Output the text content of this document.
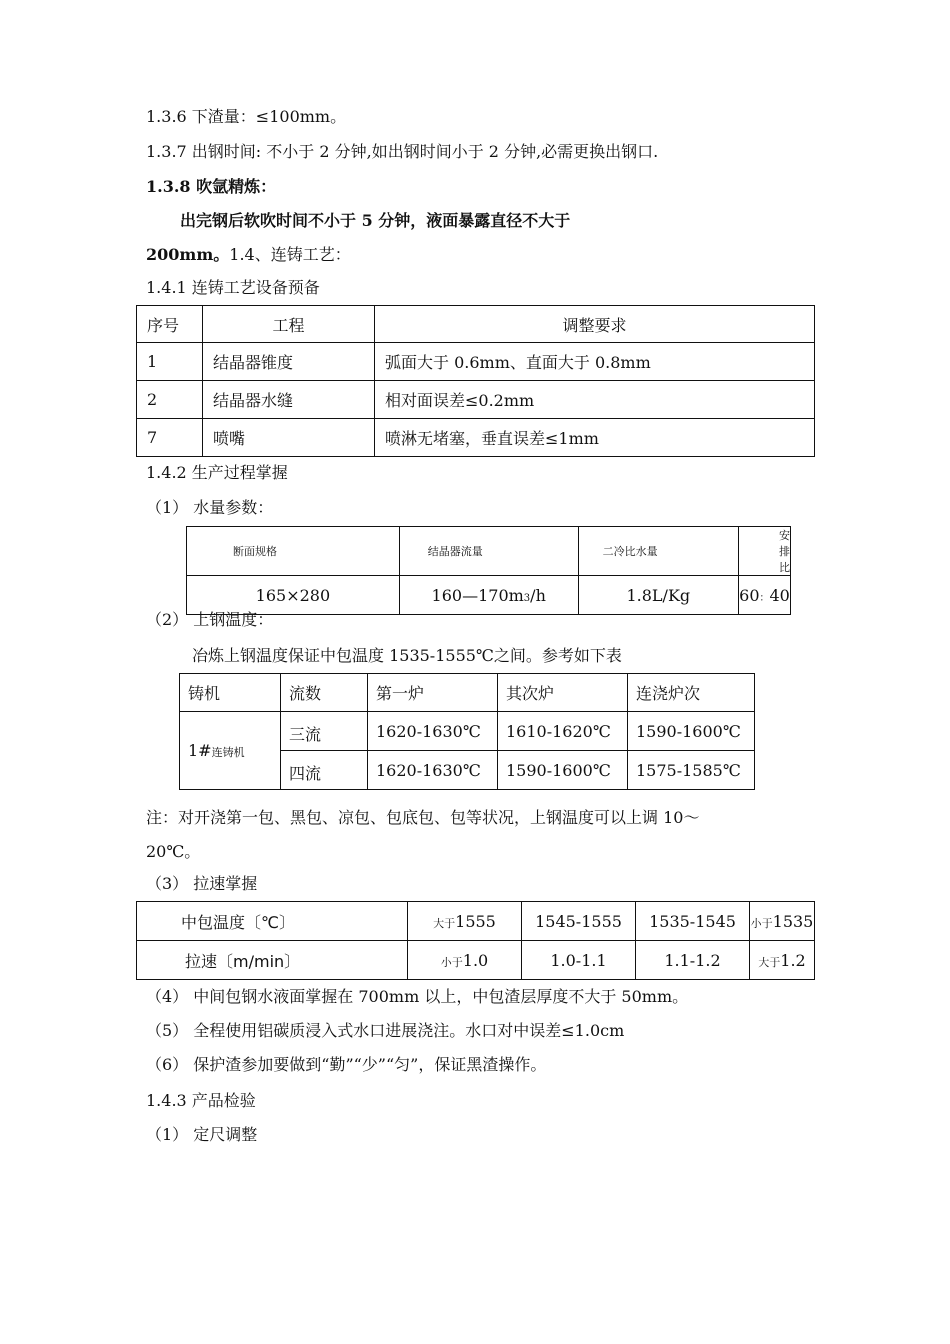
1.3.6 下渣量：≤100mm。
1.3.7 出钢时间: 不小于 2 分钟,如出钢时间小于 2 分钟,必需更换出钢口.
1.3.8 吹氩精炼：
出完钢后软吹时间不小于 5 分钟，液面暴露直径不大于
200mm。1.4、连铸工艺：
1.4.1 连铸工艺设备预备
序号	工程	调整要求
1	结晶器锥度	弧面大于 0.6mm、直面大于 0.8mm
2	结晶器水缝	相对面误差≤0.2mm
7	喷嘴	喷淋无堵塞，垂直误差≤1mm
1.4.2 生产过程掌握
（1） 水量参数：
断面规格	结晶器流量	二冷比水量	安排比
165×280	160—170m3/h	1.8L/Kg	60：40
（2） 上钢温度：
冶炼上钢温度保证中包温度 1535-1555℃之间。参考如下表
铸机	流数	第一炉	其次炉	连浇炉次
1#连铸机	三流	1620-1630℃	1610-1620℃	1590-1600℃
	四流	1620-1630℃	1590-1600℃	1575-1585℃
注：对开浇第一包、黑包、凉包、包底包、包等状况，上钢温度可以上调 10～
20℃。
（3） 拉速掌握
中包温度〔℃〕	大于1555	1545-1555	1535-1545	小于1535
拉速〔m/min〕	小于1.0	1.0-1.1	1.1-1.2	大于1.2
（4） 中间包钢水液面掌握在 700mm 以上，中包渣层厚度不大于 50mm。
（5） 全程使用铝碳质浸入式水口进展浇注。水口对中误差≤1.0cm
（6） 保护渣参加要做到“勤”“少”“匀”，保证黑渣操作。
1.4.3 产品检验
（1） 定尺调整
